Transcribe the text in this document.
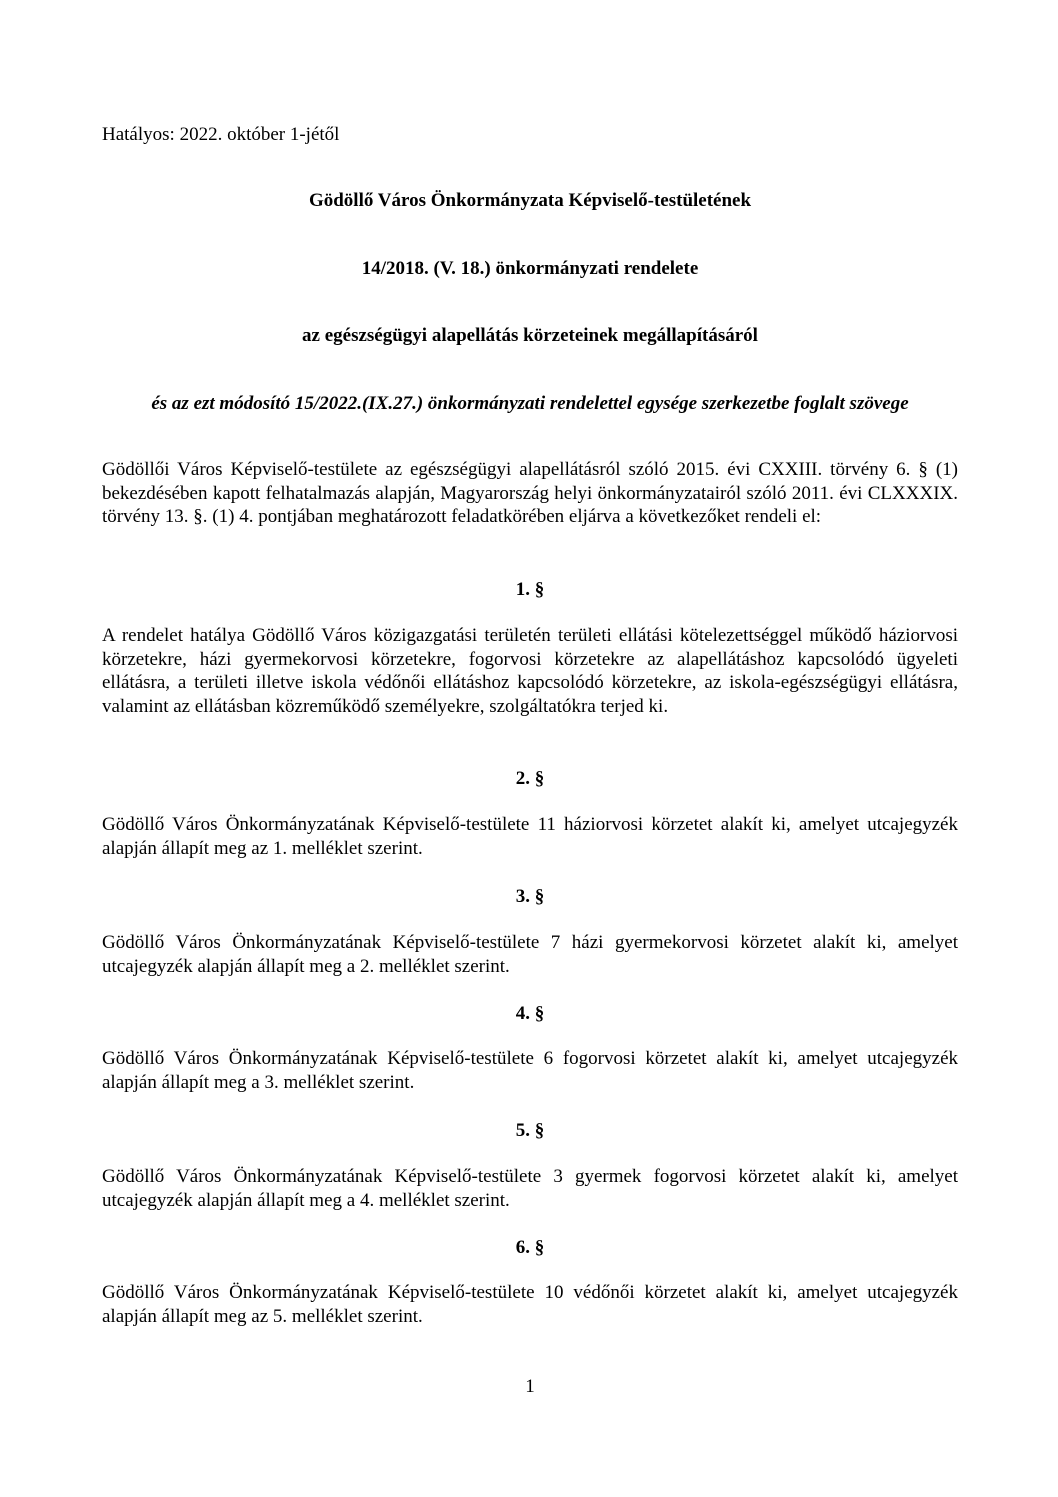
Hatályos: 2022. október 1-jétől
Gödöllő Város Önkormányzata Képviselő-testületének
14/2018. (V. 18.) önkormányzati rendelete
az egészségügyi alapellátás körzeteinek megállapításáról
és az ezt módosító 15/2022.(IX.27.) önkormányzati rendelettel egysége szerkezetbe foglalt szövege

Gödöllői Város Képviselő-testülete az egészségügyi alapellátásról szóló 2015. évi CXXIII. törvény 6. § (1) bekezdésében kapott felhatalmazás alapján, Magyarország helyi önkormányzatairól szóló 2011. évi CLXXXIX. törvény 13. §. (1) 4. pontjában meghatározott feladatkörében eljárva a következőket rendeli el:

1. §

A rendelet hatálya Gödöllő Város közigazgatási területén területi ellátási kötelezettséggel működő háziorvosi körzetekre, házi gyermekorvosi körzetekre, fogorvosi körzetekre az alapellátáshoz kapcsolódó ügyeleti ellátásra, a területi illetve iskola védőnői ellátáshoz kapcsolódó körzetekre, az iskola-egészségügyi ellátásra, valamint az ellátásban közreműködő személyekre, szolgáltatókra terjed ki.

2. §

Gödöllő Város Önkormányzatának Képviselő-testülete 11 háziorvosi körzetet alakít ki, amelyet utcajegyzék alapján állapít meg az 1. melléklet szerint.

3. §

Gödöllő Város Önkormányzatának Képviselő-testülete 7 házi gyermekorvosi körzetet alakít ki, amelyet utcajegyzék alapján állapít meg a 2. melléklet szerint.

4. §

Gödöllő Város Önkormányzatának Képviselő-testülete 6 fogorvosi körzetet alakít ki, amelyet utcajegyzék alapján állapít meg a 3. melléklet szerint.

5. §

Gödöllő Város Önkormányzatának Képviselő-testülete 3 gyermek fogorvosi körzetet alakít ki, amelyet utcajegyzék alapján állapít meg a 4. melléklet szerint.

6. §

Gödöllő Város Önkormányzatának Képviselő-testülete 10 védőnői körzetet alakít ki, amelyet utcajegyzék alapján állapít meg az 5. melléklet szerint.

1
